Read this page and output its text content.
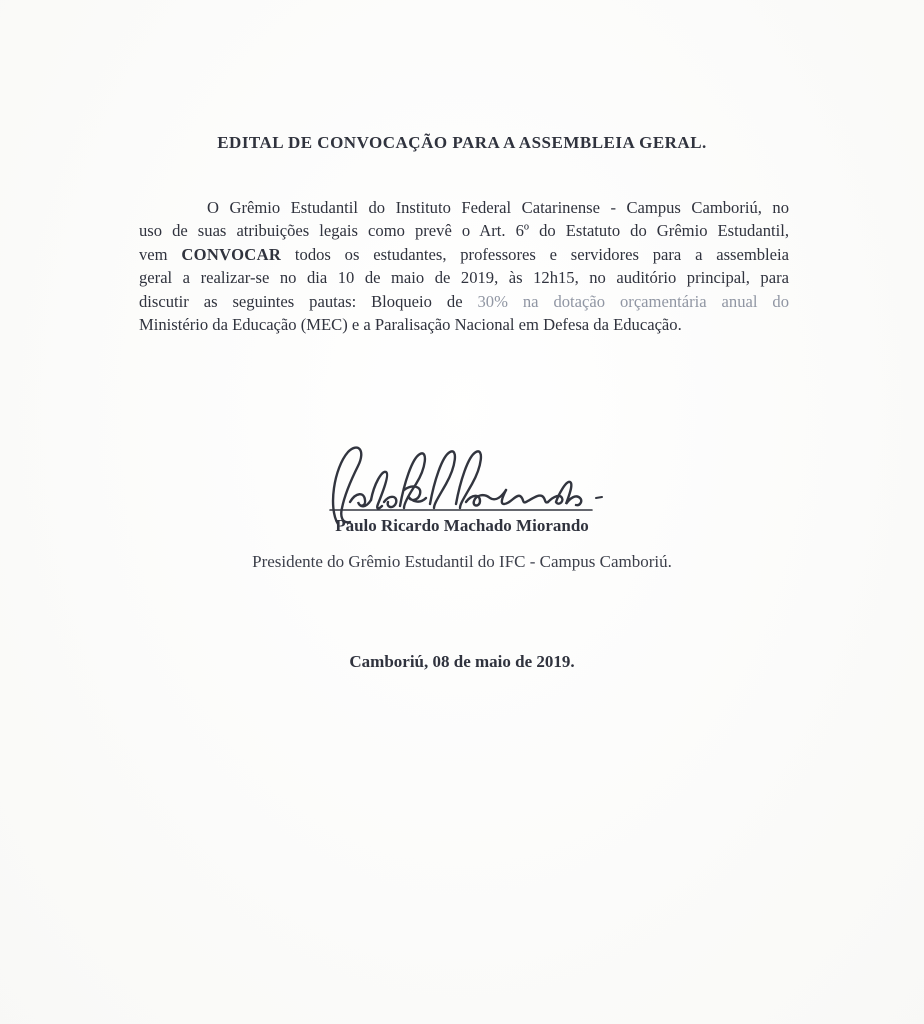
EDITAL DE CONVOCAÇÃO PARA A ASSEMBLEIA GERAL.
O Grêmio Estudantil do Instituto Federal Catarinense - Campus Camboriú, no
uso de suas atribuições legais como prevê o Art. 6º do Estatuto do Grêmio Estudantil,
vem CONVOCAR todos os estudantes, professores e servidores para a assembleia
geral a realizar-se no dia 10 de maio de 2019, às 12h15, no auditório principal, para
discutir as seguintes pautas: Bloqueio de 30% na dotação orçamentária anual do
Ministério da Educação (MEC) e a Paralisação Nacional em Defesa da Educação.
Paulo Ricardo Machado Miorando
Presidente do Grêmio Estudantil do IFC - Campus Camboriú.
Camboriú, 08 de maio de 2019.
